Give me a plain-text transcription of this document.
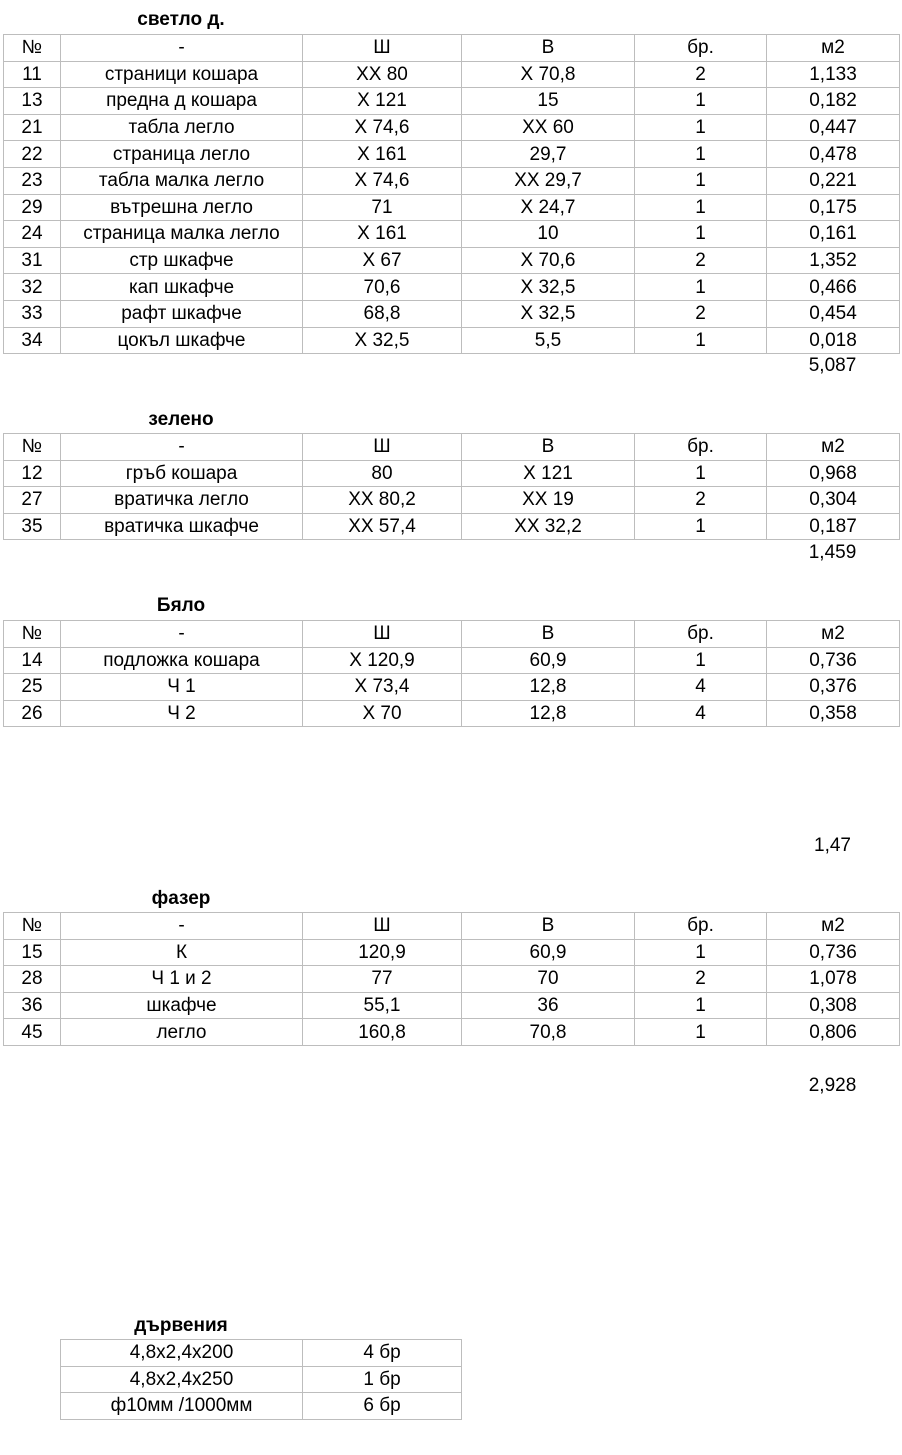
светло д.
№	-	Ш	В	бр.	м2
11	страници кошара	XX 80	X 70,8	2	1,133
13	предна д кошара	X 121	15	1	0,182
21	табла легло	X 74,6	XX 60	1	0,447
22	страница легло	X 161	29,7	1	0,478
23	табла малка легло	X 74,6	XX 29,7	1	0,221
29	вътрешна легло	71	X 24,7	1	0,175
24	страница малка легло	X 161	10	1	0,161
31	стр шкафче	X 67	X 70,6	2	1,352
32	кап шкафче	70,6	X 32,5	1	0,466
33	рафт шкафче	68,8	X 32,5	2	0,454
34	цокъл шкафче	X 32,5	5,5	1	0,018
5,087
зелено
№	-	Ш	В	бр.	м2
12	гръб кошара	80	X 121	1	0,968
27	вратичка легло	XX 80,2	XX 19	2	0,304
35	вратичка шкафче	XX 57,4	XX 32,2	1	0,187
1,459
Бяло
№	-	Ш	В	бр.	м2
14	подложка кошара	X 120,9	60,9	1	0,736
25	Ч 1	X 73,4	12,8	4	0,376
26	Ч 2	X 70	12,8	4	0,358
1,47
фазер
№	-	Ш	В	бр.	м2
15	К	120,9	60,9	1	0,736
28	Ч 1 и 2	77	70	2	1,078
36	шкафче	55,1	36	1	0,308
45	легло	160,8	70,8	1	0,806
2,928
дървения
4,8x2,4x200	4 бр
4,8x2,4x250	1 бр
ф10мм /1000мм	6 бр
